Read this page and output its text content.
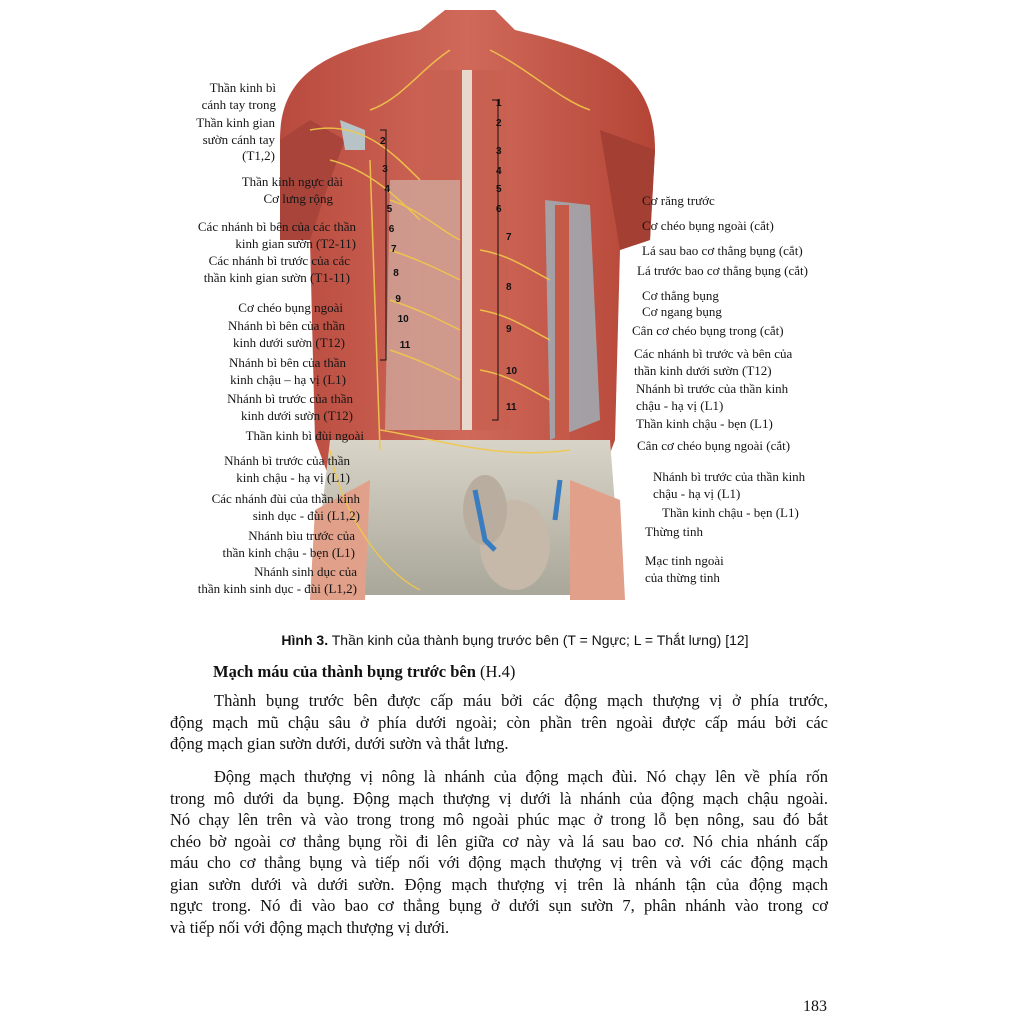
2
3
4
5
6
7
8
9
10
11
1
2
3
4
5
6
7
8
9
10
11
Thần kinh bì
cánh tay trong
Thần kinh gian
sườn cánh tay
(T1,2)
Thần kinh ngực dài
Cơ lưng rộng
Các nhánh bì bên của các thần
kinh gian sườn (T2-11)
Các nhánh bì trước của các
thần kinh gian sườn (T1-11)
Cơ chéo bụng ngoài
Nhánh bì bên của thần
kinh dưới sườn (T12)
Nhánh bì bên của thần
kinh chậu – hạ vị (L1)
Nhánh bì trước của thần
kinh dưới sườn (T12)
Thần kinh bì đùi ngoài
Nhánh bì trước của thần
kinh chậu - hạ vị (L1)
Các nhánh đùi của thần kinh
sinh dục - đùi (L1,2)
Nhánh bìu trước của
thần kinh chậu - bẹn (L1)
Nhánh sinh dục của
thần kinh sinh dục - đùi (L1,2)
Cơ răng trước
Cơ chéo bụng ngoài (cắt)
Lá sau bao cơ thẳng bụng (cắt)
Lá trước bao cơ thẳng bụng (cắt)
Cơ thẳng bụng
Cơ ngang bụng
Cân cơ chéo bụng trong (cắt)
Các nhánh bì trước và bên của
thần kinh dưới sườn (T12)
Nhánh bì trước của thần kinh
chậu - hạ vị (L1)
Thần kinh chậu - bẹn (L1)
Cân cơ chéo bụng ngoài (cắt)
Nhánh bì trước của thần kinh
chậu - hạ vị (L1)
Thần kinh chậu - bẹn (L1)
Thừng tinh
Mạc tinh ngoài
của thừng tinh
Hình 3. Thần kinh của thành bụng trước bên (T = Ngực; L = Thắt lưng) [12]
Mạch máu của thành bụng trước bên (H.4)
Thành bụng trước bên được cấp máu bởi các động mạch thượng vị ở phía trước,
động mạch mũ chậu sâu ở phía dưới ngoài; còn phần trên ngoài được cấp máu bởi các
động mạch gian sườn dưới, dưới sườn và thắt lưng.
Động mạch thượng vị nông là nhánh của động mạch đùi. Nó chạy lên về phía rốn
trong mô dưới da bụng. Động mạch thượng vị dưới là nhánh của động mạch chậu ngoài.
Nó chạy lên trên và vào trong trong mô ngoài phúc mạc ở trong lỗ bẹn nông, sau đó bắt
chéo bờ ngoài cơ thẳng bụng rồi đi lên giữa cơ này và lá sau bao cơ. Nó chia nhánh cấp
máu cho cơ thẳng bụng và tiếp nối với động mạch thượng vị trên và với các động mạch
gian sườn dưới và dưới sườn. Động mạch thượng vị trên là nhánh tận của động mạch
ngực trong. Nó đi vào bao cơ thẳng bụng ở dưới sụn sườn 7, phân nhánh vào trong cơ
và tiếp nối với động mạch thượng vị dưới.
183
